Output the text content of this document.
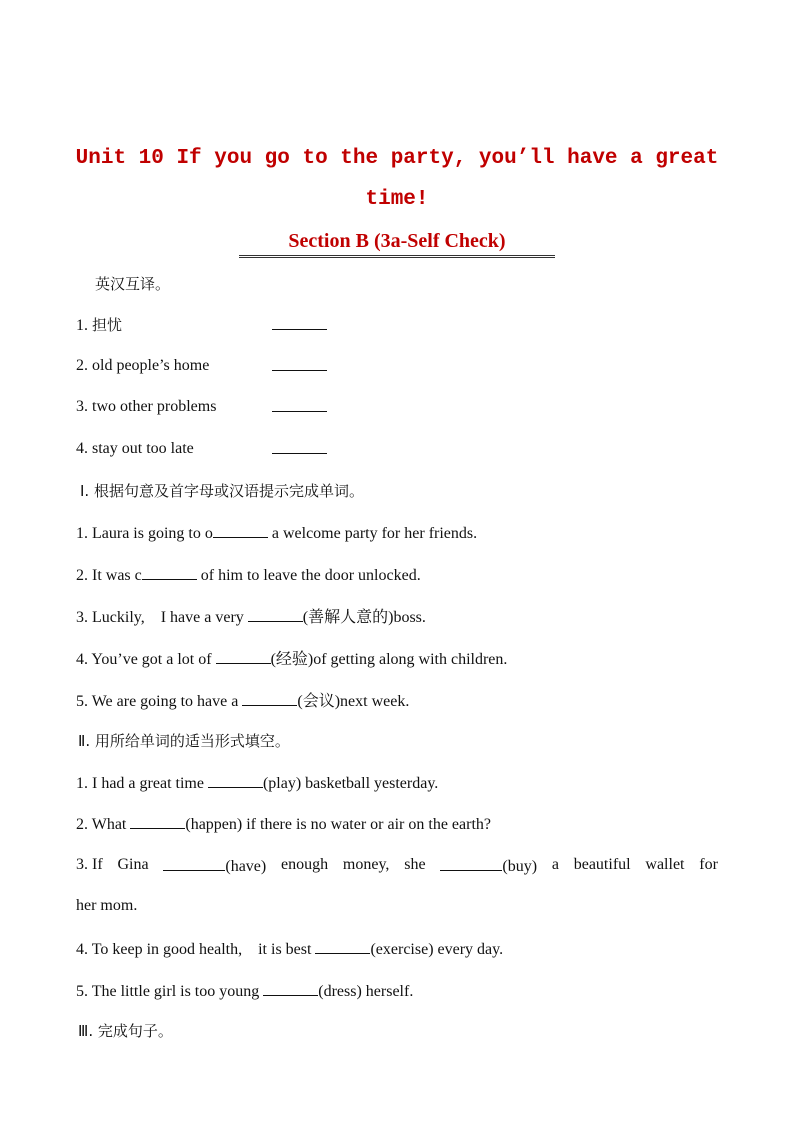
Unit 10 If you go to the party, you’ll have a great
time!
Section B (3a-Self Check)
英汉互译。
1. 担忧
2. old people’s home
3. two other problems
4. stay out too late
Ⅰ. 根据句意及首字母或汉语提示完成单词。
1. Laura is going to o	a welcome party for her friends.
2. It was c	of him to leave the door unlocked.
3. Luckily,    I have a very	(善解人意的)boss.
4. You’ve got a lot of	(经验)of getting along with children.
5. We are going to have a	(会议)next week.
Ⅱ. 用所给单词的适当形式填空。
1. I had a great time	(play) basketball yesterday.
2. What	(happen) if there is no water or air on the earth?
3. If Gina	(have) enough money, she	(buy) a beautiful wallet for
her mom.
4. To keep in good health,    it is best	(exercise) every day.
5. The little girl is too young	(dress) herself.
Ⅲ. 完成句子。
